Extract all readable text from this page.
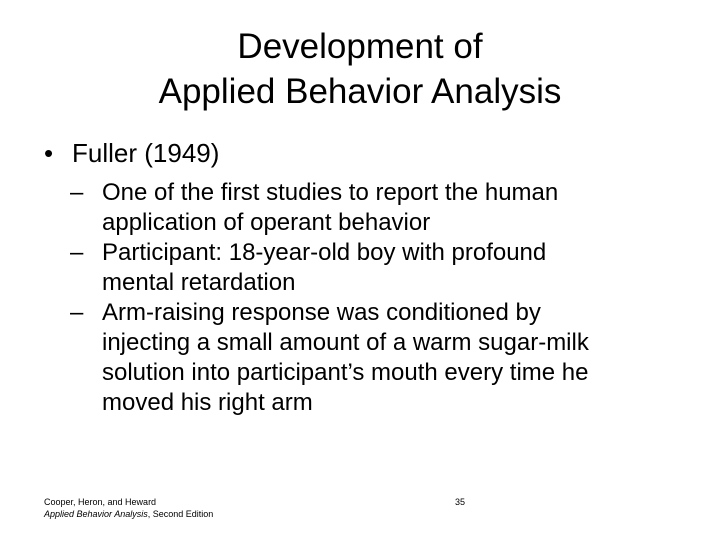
Development of
Applied Behavior Analysis
• Fuller (1949)
– One of the first studies to report the human
application of operant behavior
– Participant: 18-year-old boy with profound
mental retardation
– Arm-raising response was conditioned by
injecting a small amount of a warm sugar-milk
solution into participant’s mouth every time he
moved his right arm
Cooper, Heron, and Heward
Applied Behavior Analysis, Second Edition
35
